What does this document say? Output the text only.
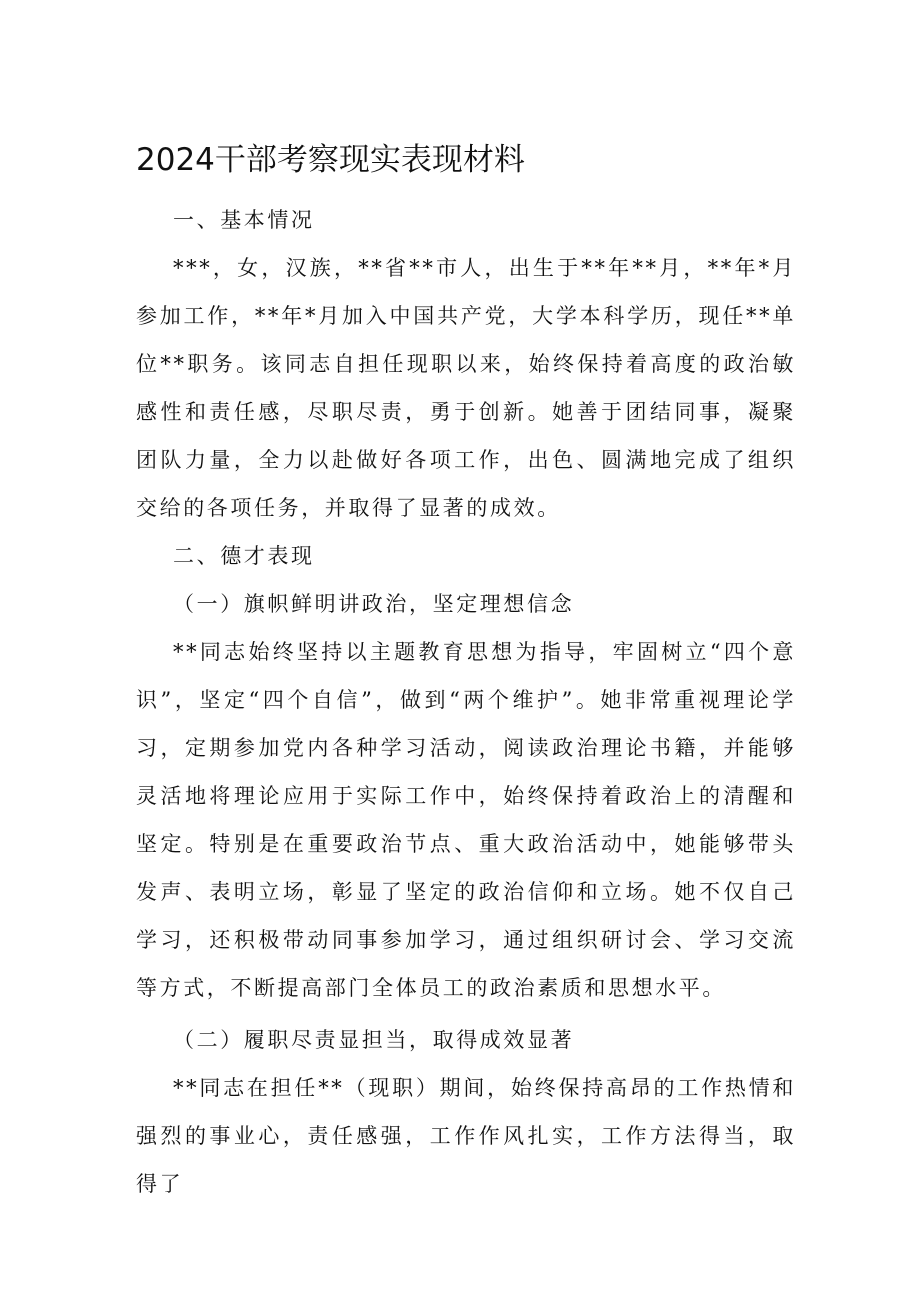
2024干部考察现实表现材料

一、基本情况

***，女，汉族，**省**市人，出生于**年**月，**年*月参加工作，**年*月加入中国共产党，大学本科学历，现任**单位**职务。该同志自担任现职以来，始终保持着高度的政治敏感性和责任感，尽职尽责，勇于创新。她善于团结同事，凝聚团队力量，全力以赴做好各项工作，出色、圆满地完成了组织交给的各项任务，并取得了显著的成效。

二、德才表现

（一）旗帜鲜明讲政治，坚定理想信念

**同志始终坚持以主题教育思想为指导，牢固树立“四个意识”，坚定“四个自信”，做到“两个维护”。她非常重视理论学习，定期参加党内各种学习活动，阅读政治理论书籍，并能够灵活地将理论应用于实际工作中，始终保持着政治上的清醒和坚定。特别是在重要政治节点、重大政治活动中，她能够带头发声、表明立场，彰显了坚定的政治信仰和立场。她不仅自己学习，还积极带动同事参加学习，通过组织研讨会、学习交流等方式，不断提高部门全体员工的政治素质和思想水平。

（二）履职尽责显担当，取得成效显著

**同志在担任**（现职）期间，始终保持高昂的工作热情和强烈的事业心，责任感强，工作作风扎实，工作方法得当，取得了
